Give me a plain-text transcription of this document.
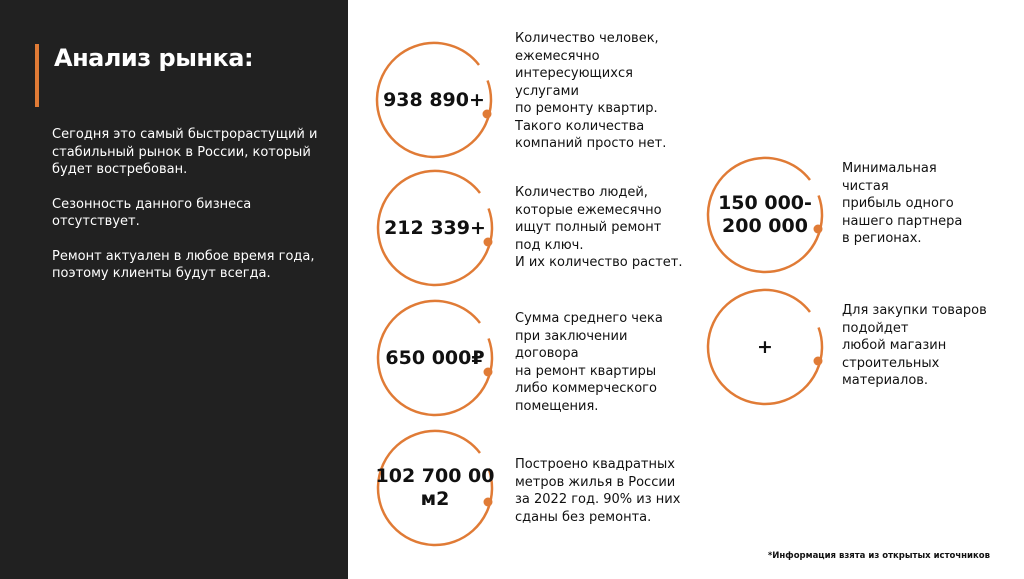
Анализ рынка:

Сегодня это самый быстрорастущий и стабильный рынок в России, который будет востребован.

Сезонность данного бизнеса отсутствует.

Ремонт актуален в любое время года, поэтому клиенты будут всегда.

938 890+
Количество человек,
ежемесячно
интересующихся
услугами
по ремонту квартир.
Такого количества
компаний просто нет.
212 339+
Количество людей,
которые ежемесячно
ищут полный ремонт
под ключ.
И их количество растет.
650 000₽
Сумма среднего чека
при заключении
договора
на ремонт квартиры
либо коммерческого
помещения.
102 700 00
м2
Построено квадратных
метров жилья в России
за 2022 год. 90% из них
сданы без ремонта.
150 000-
200 000
Минимальная
чистая
прибыль одного
нашего партнера
в регионах.
+
Для закупки товаров
подойдет
любой магазин
строительных
материалов.
*Информация взята из открытых источников
